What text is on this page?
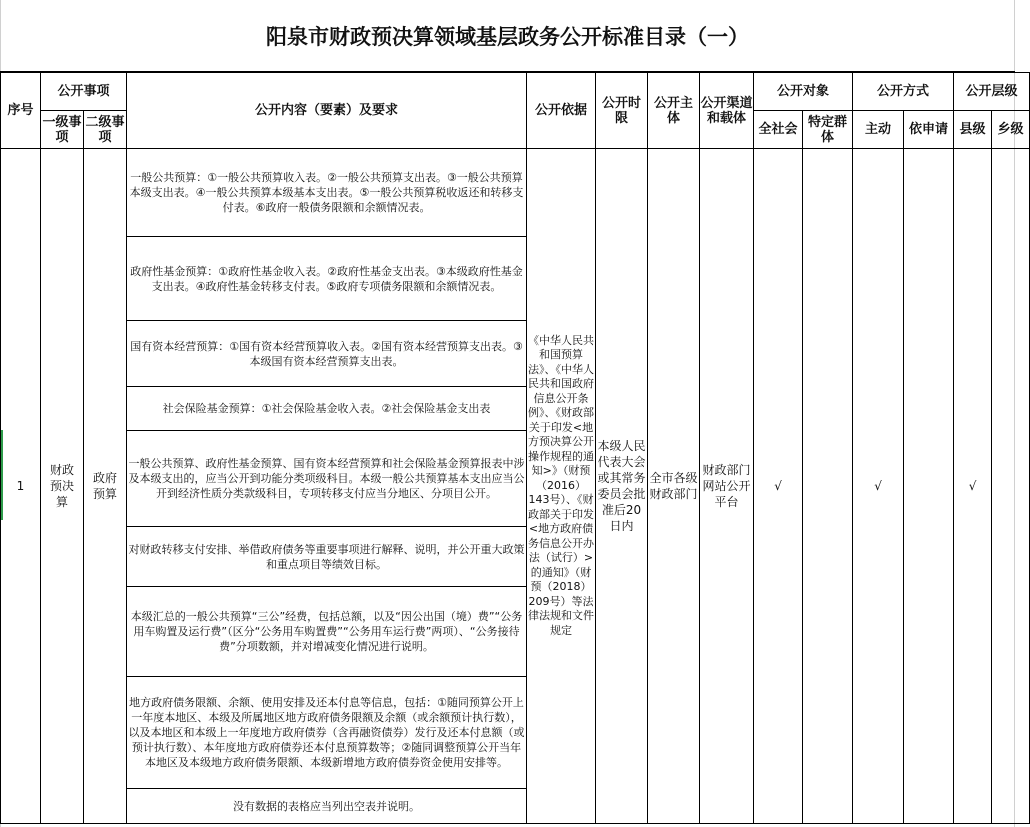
阳泉市财政预决算领域基层政务公开标准目录（一）
序号	公开事项		公开内容（要素）及要求	公开依据	公开时限	公开主体	公开渠道和载体	公开对象		公开方式		公开层级	
	一级事项	二级事项						全社会	特定群体	主动	依申请	县级	乡级
1	财政预决算	政府预算	一般公共预算：①一般公共预算收入表。②一般公共预算支出表。③一般公共预算本级支出表。④一般公共预算本级基本支出表。⑤一般公共预算税收返还和转移支付表。⑥政府一般债务限额和余额情况表。	《中华人民共和国预算法》、《中华人民共和国政府信息公开条例》、《财政部关于印发<地方预决算公开操作规程的通知>》（财预（2016）143号）、《财政部关于印发<地方政府债务信息公开办法（试行）>的通知》（财预（2018）209号）等法律法规和文件规定	本级人民代表大会或其常务委员会批准后20日内	全市各级财政部门	财政部门网站公开平台	√		√		√	
			政府性基金预算：①政府性基金收入表。②政府性基金支出表。③本级政府性基金支出表。④政府性基金转移支付表。⑤政府专项债务限额和余额情况表。										
			国有资本经营预算：①国有资本经营预算收入表。②国有资本经营预算支出表。③本级国有资本经营预算支出表。										
			社会保险基金预算：①社会保险基金收入表。②社会保险基金支出表										
			一般公共预算、政府性基金预算、国有资本经营预算和社会保险基金预算报表中涉及本级支出的，应当公开到功能分类项级科目。本级一般公共预算基本支出应当公开到经济性质分类款级科目，专项转移支付应当分地区、分项目公开。										
			对财政转移支付安排、举借政府债务等重要事项进行解释、说明，并公开重大政策和重点项目等绩效目标。										
			本级汇总的一般公共预算“三公”经费，包括总额，以及“因公出国（境）费”“公务用车购置及运行费”（区分“公务用车购置费”“公务用车运行费”两项）、“公务接待费”分项数额，并对增减变化情况进行说明。										
			地方政府债务限额、余额、使用安排及还本付息等信息，包括：①随同预算公开上一年度本地区、本级及所属地区地方政府债务限额及余额（或余额预计执行数），以及本地区和本级上一年度地方政府债券（含再融资债券）发行及还本付息额（或预计执行数）、本年度地方政府债券还本付息预算数等；②随同调整预算公开当年本地区及本级地方政府债务限额、本级新增地方政府债券资金使用安排等。										
			没有数据的表格应当列出空表并说明。										
